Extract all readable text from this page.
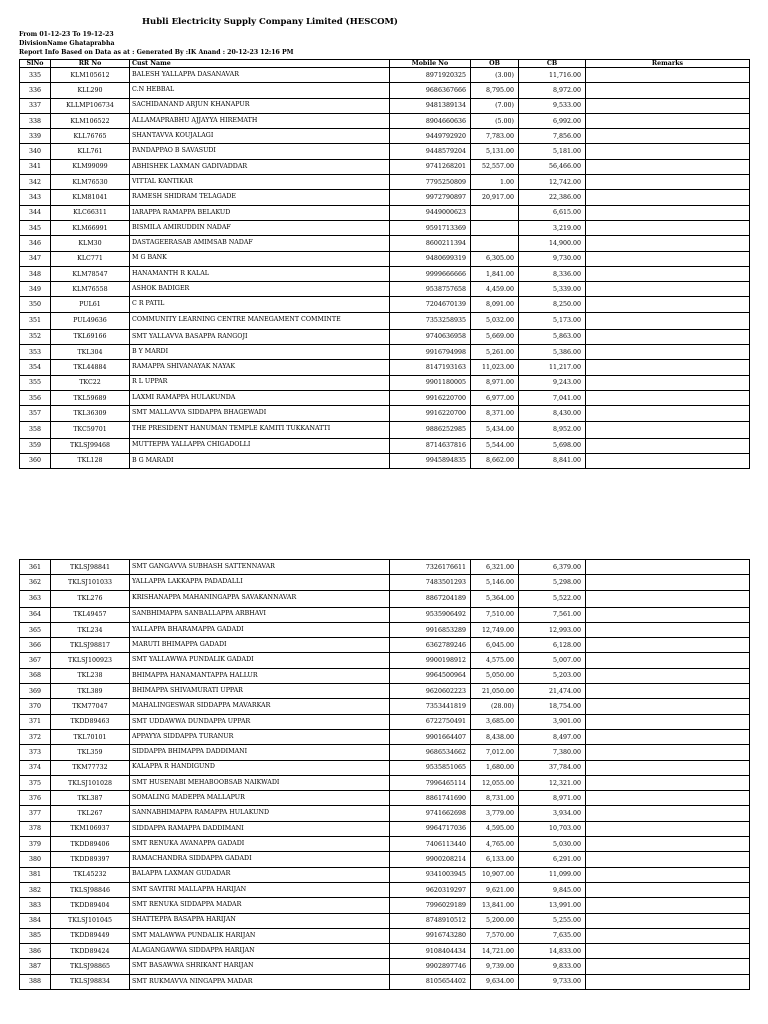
Hubli Electricity Supply Company Limited (HESCOM)
From 01-12-23 To 19-12-23
DivisionName Ghataprabha
Report Info Based on Data as at : Generated By :IK Anand : 20-12-23 12:16 PM
SlNo	RR No	Cust Name	Mobile No	OB	CB	Remarks
335	KLM105612	BALESH YALLAPPA DASANAVAR	8971920325	(3.00)	11,716.00	
336	KLL290	C.N HEBBAL	9686367666	8,795.00	8,972.00	
337	KLLMP106734	SACHIDANAND ARJUN KHANAPUR	9481389134	(7.00)	9,533.00	
338	KLM106522	ALLAMAPRABHU AJJAYYA HIREMATH	8904660636	(5.00)	6,992.00	
339	KLL76765	SHANTAVVA KOUJALAGI	9449792920	7,783.00	7,856.00	
340	KLL761	PANDAPPAO B SAVASUDI	9448579204	5,131.00	5,181.00	
341	KLM99099	ABHISHEK LAXMAN GADIVADDAR	9741268201	52,557.00	56,466.00	
342	KLM76530	VITTAL KANTIKAR	7795250809	1.00	12,742.00	
343	KLM81041	RAMESH SHIDRAM TELAGADE	9972790897	20,917.00	22,386.00	
344	KLC66311	IARAPPA RAMAPPA BELAKUD	9449000623		6,615.00	
345	KLM66991	BISMILA AMIRUDDIN NADAF	9591713369		3,219.00	
346	KLM30	DASTAGEERASAB AMIMSAB NADAF	8600211394		14,900.00	
347	KLC771	M G BANK	9480699319	6,305.00	9,730.00	
348	KLM78547	HANAMANTH R KALAL	9999666666	1,841.00	8,336.00	
349	KLM76558	ASHOK BADIGER	9538757658	4,459.00	5,339.00	
350	PUL61	C R PATIL	7204670139	8,091.00	8,250.00	
351	PUL49636	COMMUNITY LEARNING CENTRE MANEGAMENT COMMINTE	7353258935	5,032.00	5,173.00	
352	TKL69166	SMT YALLAVVA BASAPPA RANGOJI	9740636958	5,669.00	5,863.00	
353	TKL304	B Y MARDI	9916794998	5,261.00	5,386.00	
354	TKL44884	RAMAPPA SHIVANAYAK NAYAK	8147193163	11,023.00	11,217.00	
355	TKC22	R L UPPAR	9901180005	8,971.00	9,243.00	
356	TKL59689	LAXMI RAMAPPA HULAKUNDA	9916220700	6,977.00	7,041.00	
357	TKL36309	SMT MALLAVVA SIDDAPPA BHAGEWADI	9916220700	8,371.00	8,430.00	
358	TKC59701	THE PRESIDENT HANUMAN TEMPLE KAMITI TUKKANATTI	9886252985	5,434.00	8,952.00	
359	TKLSJ99468	MUTTEPPA YALLAPPA CHIGADOLLI	8714637816	5,544.00	5,698.00	
360	TKL128	B G MARADI	9945894835	8,662.00	8,841.00	
361	TKLSJ98841	SMT GANGAVVA SUBHASH SATTENNAVAR	7326176611	6,321.00	6,379.00	
362	TKLSJ101033	YALLAPPA LAKKAPPA PADADALLI	7483501293	5,146.00	5,298.00	
363	TKL276	KRISHANAPPA MAHANINGAPPA SAVAKANNAVAR	8867204189	5,364.00	5,522.00	
364	TKL49457	SANBHIMAPPA SANBALLAPPA ARBHAVI	9535906492	7,510.00	7,561.00	
365	TKL234	YALLAPPA BHARAMAPPA GADADI	9916853289	12,749.00	12,993.00	
366	TKLSJ98817	MARUTI BHIMAPPA GADADI	6362789246	6,045.00	6,128.00	
367	TKLSJ100923	SMT YALLAWWA PUNDALIK GADADI	9900198912	4,575.00	5,007.00	
368	TKL238	BHIMAPPA HANAMANTAPPA HALLUR	9964500964	5,050.00	5,203.00	
369	TKL389	BHIMAPPA SHIVAMURATI UPPAR	9620602223	21,050.00	21,474.00	
370	TKM77047	MAHALINGESWAR SIDDAPPA MAVARKAR	7353441819	(28.00)	18,754.00	
371	TKDD89463	SMT UDDAWWA DUNDAPPA UPPAR	6722750491	3,685.00	3,901.00	
372	TKL70101	APPAYYA SIDDAPPA TURANUR	9901664407	8,438.00	8,497.00	
373	TKL359	SIDDAPPA BHIMAPPA DADDIMANI	9686534662	7,012.00	7,380.00	
374	TKM77732	KALAPPA R HANDIGUND	9535851065	1,680.00	37,784.00	
375	TKLSJ101028	SMT HUSENABI MEHABOOBSAB NAIKWADI	7996465114	12,055.00	12,321.00	
376	TKL387	SOMALING MADEPPA MALLAPUR	8861741690	8,731.00	8,971.00	
377	TKL267	SANNABHIMAPPA RAMAPPA HULAKUND	9741662698	3,779.00	3,934.00	
378	TKM106937	SIDDAPPA RAMAPPA DADDIMANI	9964717036	4,595.00	10,703.00	
379	TKDD89406	SMT RENUKA AVANAPPA GADADI	7406113440	4,765.00	5,030.00	
380	TKDD89397	RAMACHANDRA SIDDAPPA GADADI	9900208214	6,133.00	6,291.00	
381	TKL45232	BALAPPA LAXMAN GUDADAR	9341003945	10,907.00	11,099.00	
382	TKLSJ98846	SMT SAVITRI MALLAPPA HARIJAN	9620319297	9,621.00	9,845.00	
383	TKDD89404	SMT RENUKA SIDDAPPA MADAR	7996029189	13,841.00	13,991.00	
384	TKLSJ101045	SHATTEPPA BASAPPA HARIJAN	8748910512	5,200.00	5,255.00	
385	TKDD89449	SMT MALAWWA PUNDALIK HARIJAN	9916743280	7,570.00	7,635.00	
386	TKDD89424	ALAGANGAWWA SIDDAPPA HARIJAN	9108404434	14,721.00	14,833.00	
387	TKLSJ98865	SMT BASAWWA SHRIKANT HARIJAN	9902897746	9,739.00	9,833.00	
388	TKLSJ98834	SMT RUKMAVVA NINGAPPA MADAR	8105654402	9,634.00	9,733.00	
